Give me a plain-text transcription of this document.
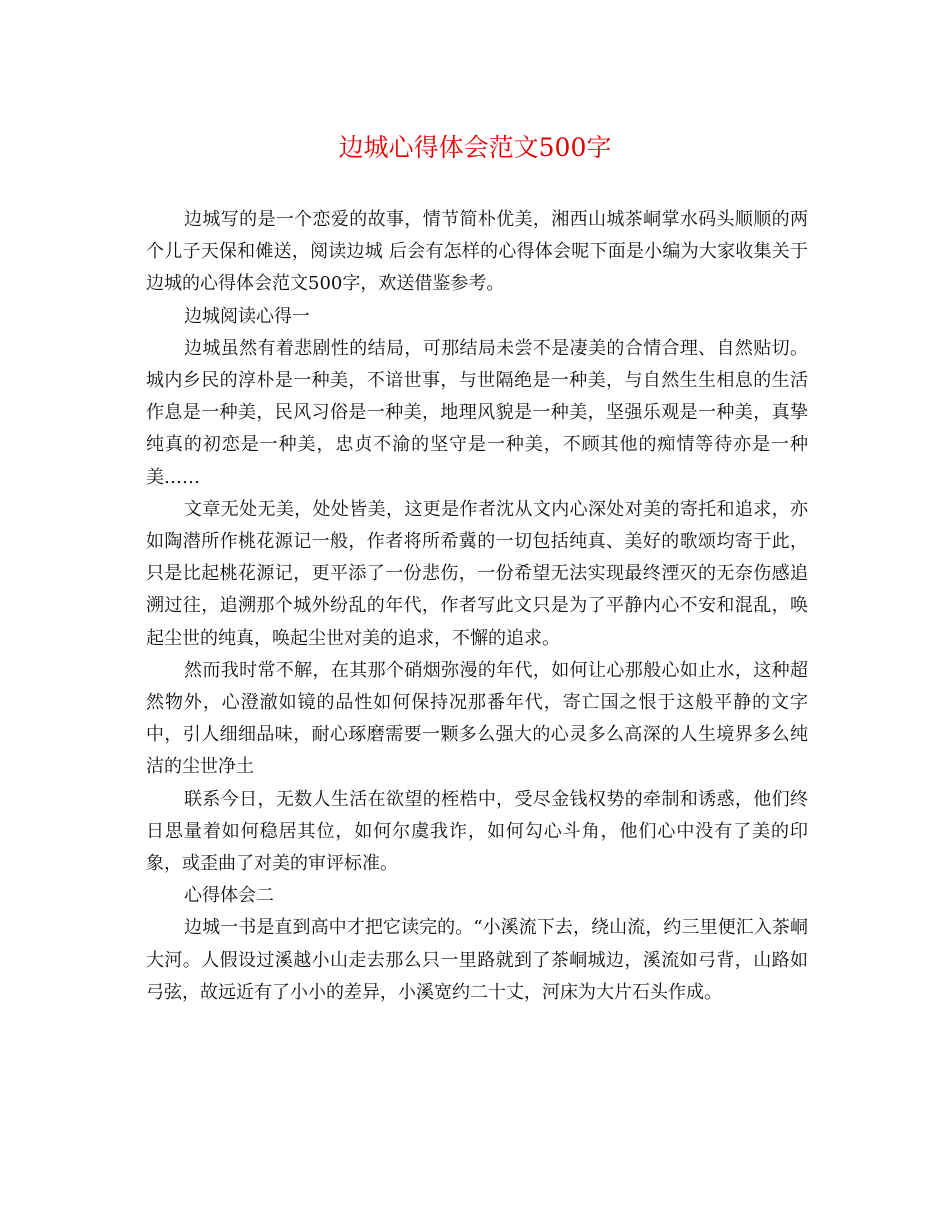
边城心得体会范文500字

边城写的是一个恋爱的故事，情节简朴优美，湘西山城茶峒掌水码头顺顺的两个儿子天保和傩送，阅读边城 后会有怎样的心得体会呢下面是小编为大家收集关于边城的心得体会范文500字，欢送借鉴参考。

边城阅读心得一

边城虽然有着悲剧性的结局，可那结局未尝不是凄美的合情合理、自然贴切。城内乡民的淳朴是一种美，不谙世事，与世隔绝是一种美，与自然生生相息的生活作息是一种美，民风习俗是一种美，地理风貌是一种美，坚强乐观是一种美，真挚纯真的初恋是一种美，忠贞不渝的坚守是一种美，不顾其他的痴情等待亦是一种美……

文章无处无美，处处皆美，这更是作者沈从文内心深处对美的寄托和追求，亦如陶潜所作桃花源记一般，作者将所希冀的一切包括纯真、美好的歌颂均寄于此，只是比起桃花源记，更平添了一份悲伤，一份希望无法实现最终湮灭的无奈伤感追溯过往，追溯那个城外纷乱的年代，作者写此文只是为了平静内心不安和混乱，唤起尘世的纯真，唤起尘世对美的追求，不懈的追求。

然而我时常不解，在其那个硝烟弥漫的年代，如何让心那般心如止水，这种超然物外，心澄澈如镜的品性如何保持况那番年代，寄亡国之恨于这般平静的文字中，引人细细品味，耐心琢磨需要一颗多么强大的心灵多么高深的人生境界多么纯洁的尘世净土

联系今日，无数人生活在欲望的桎梏中，受尽金钱权势的牵制和诱惑，他们终日思量着如何稳居其位，如何尔虞我诈，如何勾心斗角，他们心中没有了美的印象，或歪曲了对美的审评标准。

心得体会二

边城一书是直到高中才把它读完的。“小溪流下去，绕山流，约三里便汇入茶峒大河。人假设过溪越小山走去那么只一里路就到了茶峒城边，溪流如弓背，山路如弓弦，故远近有了小小的差异，小溪宽约二十丈，河床为大片石头作成。
